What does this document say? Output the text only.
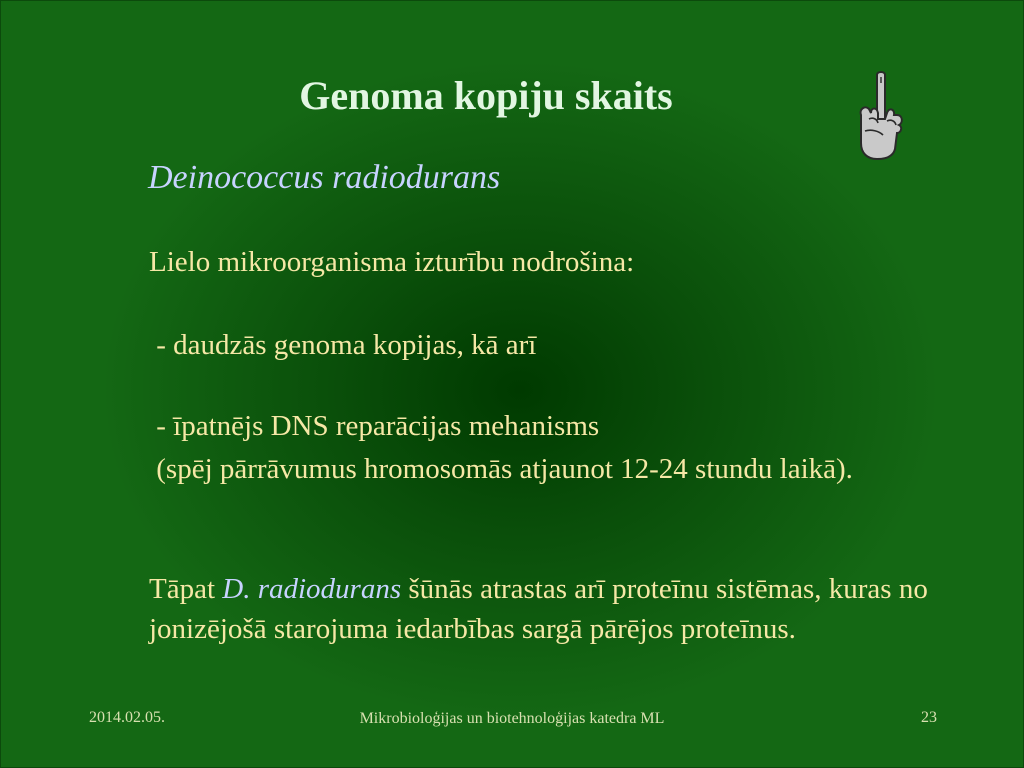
Genoma kopiju skaits
Deinococcus radiodurans

Lielo mikroorganisma izturību nodrošina:

- daudzās genoma kopijas, kā arī

- īpatnējs DNS reparācijas mehanisms

(spēj pārrāvumus hromosomās atjaunot 12-24 stundu laikā).

Tāpat D. radiodurans šūnās atrastas arī proteīnu sistēmas, kuras no jonizējošā starojuma iedarbības sargā pārējos proteīnus.

2014.02.05.	Mikrobioloģijas un biotehnoloģijas katedra ML	23
